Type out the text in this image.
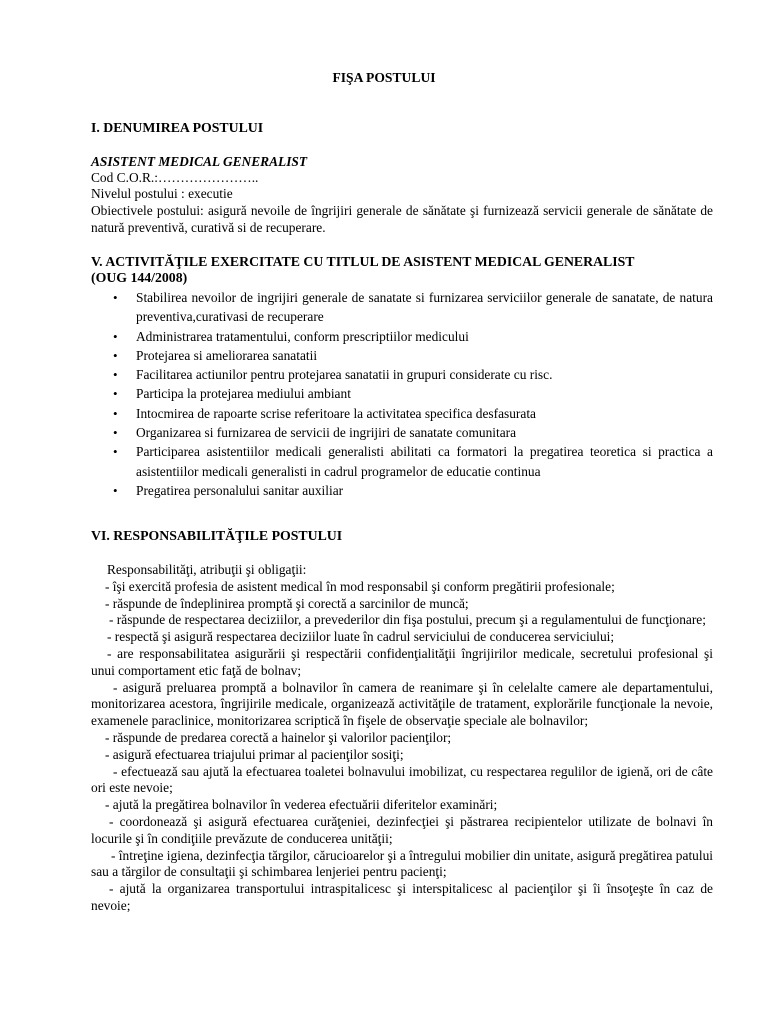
FIŞA POSTULUI
I. DENUMIREA POSTULUI
ASISTENT MEDICAL GENERALIST
Cod C.O.R.:…………………..
Nivelul postului : executie
Obiectivele postului: asigură nevoile de îngrijiri generale de sănătate şi furnizează servicii generale de sănătate de natură preventivă, curativă si de recuperare.
V. ACTIVITĂŢILE EXERCITATE CU TITLUL DE ASISTENT MEDICAL GENERALIST
(OUG 144/2008)
• Stabilirea nevoilor de ingrijiri generale de sanatate si furnizarea serviciilor generale de sanatate, de natura preventiva,curativasi de recuperare
• Administrarea tratamentului, conform prescriptiilor medicului
• Protejarea si ameliorarea sanatatii
• Facilitarea actiunilor pentru protejarea sanatatii in grupuri considerate cu risc.
• Participa la protejarea mediului ambiant
• Intocmirea de rapoarte scrise referitoare la activitatea specifica desfasurata
• Organizarea si furnizarea de servicii de ingrijiri de sanatate comunitara
• Participarea asistentiilor medicali generalisti abilitati ca formatori la pregatirea teoretica si practica a asistentiilor medicali generalisti in cadrul programelor de educatie continua
• Pregatirea personalului sanitar auxiliar
VI. RESPONSABILITĂŢILE POSTULUI

Responsabilităţi, atribuţii şi obligaţii:

- îşi exercită profesia de asistent medical în mod responsabil şi conform pregătirii profesionale;

- răspunde de îndeplinirea promptă şi corectă a sarcinilor de muncă;

- răspunde de respectarea deciziilor, a prevederilor din fişa postului, precum şi a regulamentului de funcţionare;

- respectă şi asigură respectarea deciziilor luate în cadrul serviciului de conducerea serviciului;

- are responsabilitatea asigurării şi respectării confidenţialităţii îngrijirilor medicale, secretului profesional şi unui comportament etic faţă de bolnav;

- asigură preluarea promptă a bolnavilor în camera de reanimare şi în celelalte camere ale departamentului, monitorizarea acestora, îngrijirile medicale, organizează activităţile de tratament, explorările funcţionale la nevoie, examenele paraclinice, monitorizarea scriptică în fişele de observaţie speciale ale bolnavilor;

- răspunde de predarea corectă a hainelor şi valorilor pacienţilor;

- asigură efectuarea triajului primar al pacienţilor sosiţi;

- efectuează sau ajută la efectuarea toaletei bolnavului imobilizat, cu respectarea regulilor de igienă, ori de câte ori este nevoie;

- ajută la pregătirea bolnavilor în vederea efectuării diferitelor examinări;

- coordonează şi asigură efectuarea curăţeniei, dezinfecţiei şi păstrarea recipientelor utilizate de bolnavi în locurile şi în condiţiile prevăzute de conducerea unităţii;

- întreţine igiena, dezinfecţia tărgilor, cărucioarelor şi a întregului mobilier din unitate, asigură pregătirea patului sau a tărgilor de consultaţii şi schimbarea lenjeriei pentru pacienţi;

- ajută la organizarea transportului intraspitalicesc şi interspitalicesc al pacienţilor şi îi însoţeşte în caz de nevoie;
